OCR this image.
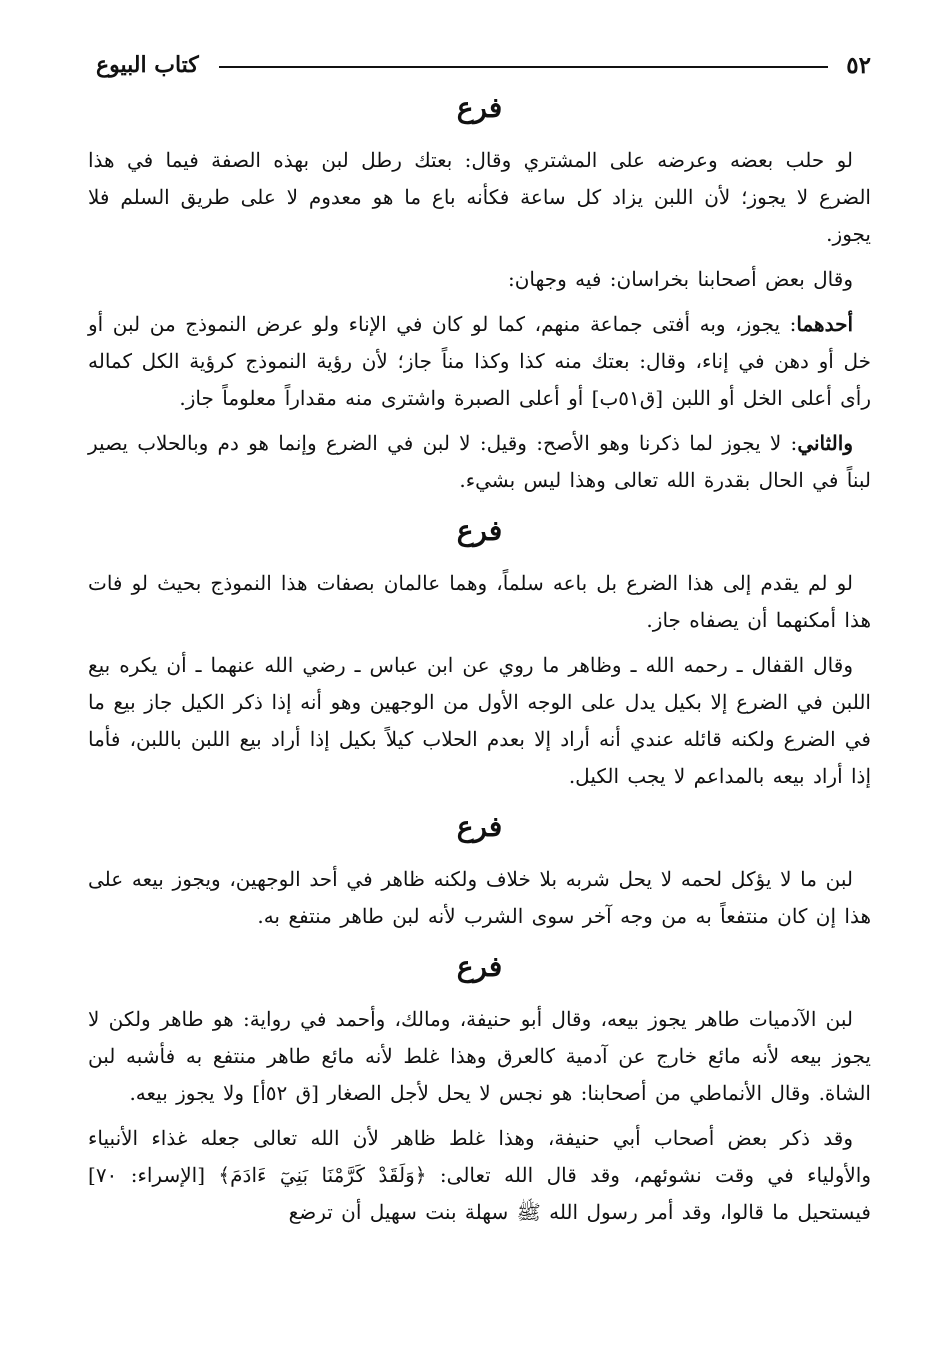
٥٢
كتاب البيوع
فرع

لو حلب بعضه وعرضه على المشتري وقال: بعتك رطل لبن بهذه الصفة فيما في هذا الضرع لا يجوز؛ لأن اللبن يزاد كل ساعة فكأنه باع ما هو معدوم لا على طريق السلم فلا يجوز.

وقال بعض أصحابنا بخراسان: فيه وجهان:

أحدهما: يجوز، وبه أفتى جماعة منهم، كما لو كان في الإناء ولو عرض النموذج من لبن أو خل أو دهن في إناء، وقال: بعتك منه كذا وكذا مناً جاز؛ لأن رؤية النموذج كرؤية الكل كماله رأى أعلى الخل أو اللبن [ق٥١ب] أو أعلى الصبرة واشترى منه مقداراً معلوماً جاز.

والثاني: لا يجوز لما ذكرنا وهو الأصح: وقيل: لا لبن في الضرع وإنما هو دم وبالحلاب يصير لبناً في الحال بقدرة الله تعالى وهذا ليس بشيء.

فرع

لو لم يقدم إلى هذا الضرع بل باعه سلماً، وهما عالمان بصفات هذا النموذج بحيث لو فات هذا أمكنهما أن يصفاه جاز.

وقال القفال ـ رحمه الله ـ وظاهر ما روي عن ابن عباس ـ رضي الله عنهما ـ أن يكره بيع اللبن في الضرع إلا بكيل يدل على الوجه الأول من الوجهين وهو أنه إذا ذكر الكيل جاز بيع ما في الضرع ولكنه قائله عندي أنه أراد إلا بعدم الحلاب كيلاً بكيل إذا أراد بيع اللبن باللبن، فأما إذا أراد بيعه بالمداعم لا يجب الكيل.

فرع

لبن ما لا يؤكل لحمه لا يحل شربه بلا خلاف ولكنه ظاهر في أحد الوجهين، ويجوز بيعه على هذا إن كان منتفعاً به من وجه آخر سوى الشرب لأنه لبن طاهر منتفع به.

فرع

لبن الآدميات طاهر يجوز بيعه، وقال أبو حنيفة، ومالك، وأحمد في رواية: هو طاهر ولكن لا يجوز بيعه لأنه مائع خارج عن آدمية كالعرق وهذا غلط لأنه مائع طاهر منتفع به فأشبه لبن الشاة. وقال الأنماطي من أصحابنا: هو نجس لا يحل لأجل الصغار [ق ٥٢أ] ولا يجوز بيعه.

وقد ذكر بعض أصحاب أبي حنيفة، وهذا غلط ظاهر لأن الله تعالى جعله غذاء الأنبياء والأولياء في وقت نشوئهم، وقد قال الله تعالى: ﴿وَلَقَدْ كَرَّمْنَا بَنِيٓ ءَادَمَ﴾ [الإسراء: ٧٠] فيستحيل ما قالوا، وقد أمر رسول الله ﷺ سهلة بنت سهيل أن ترضع
